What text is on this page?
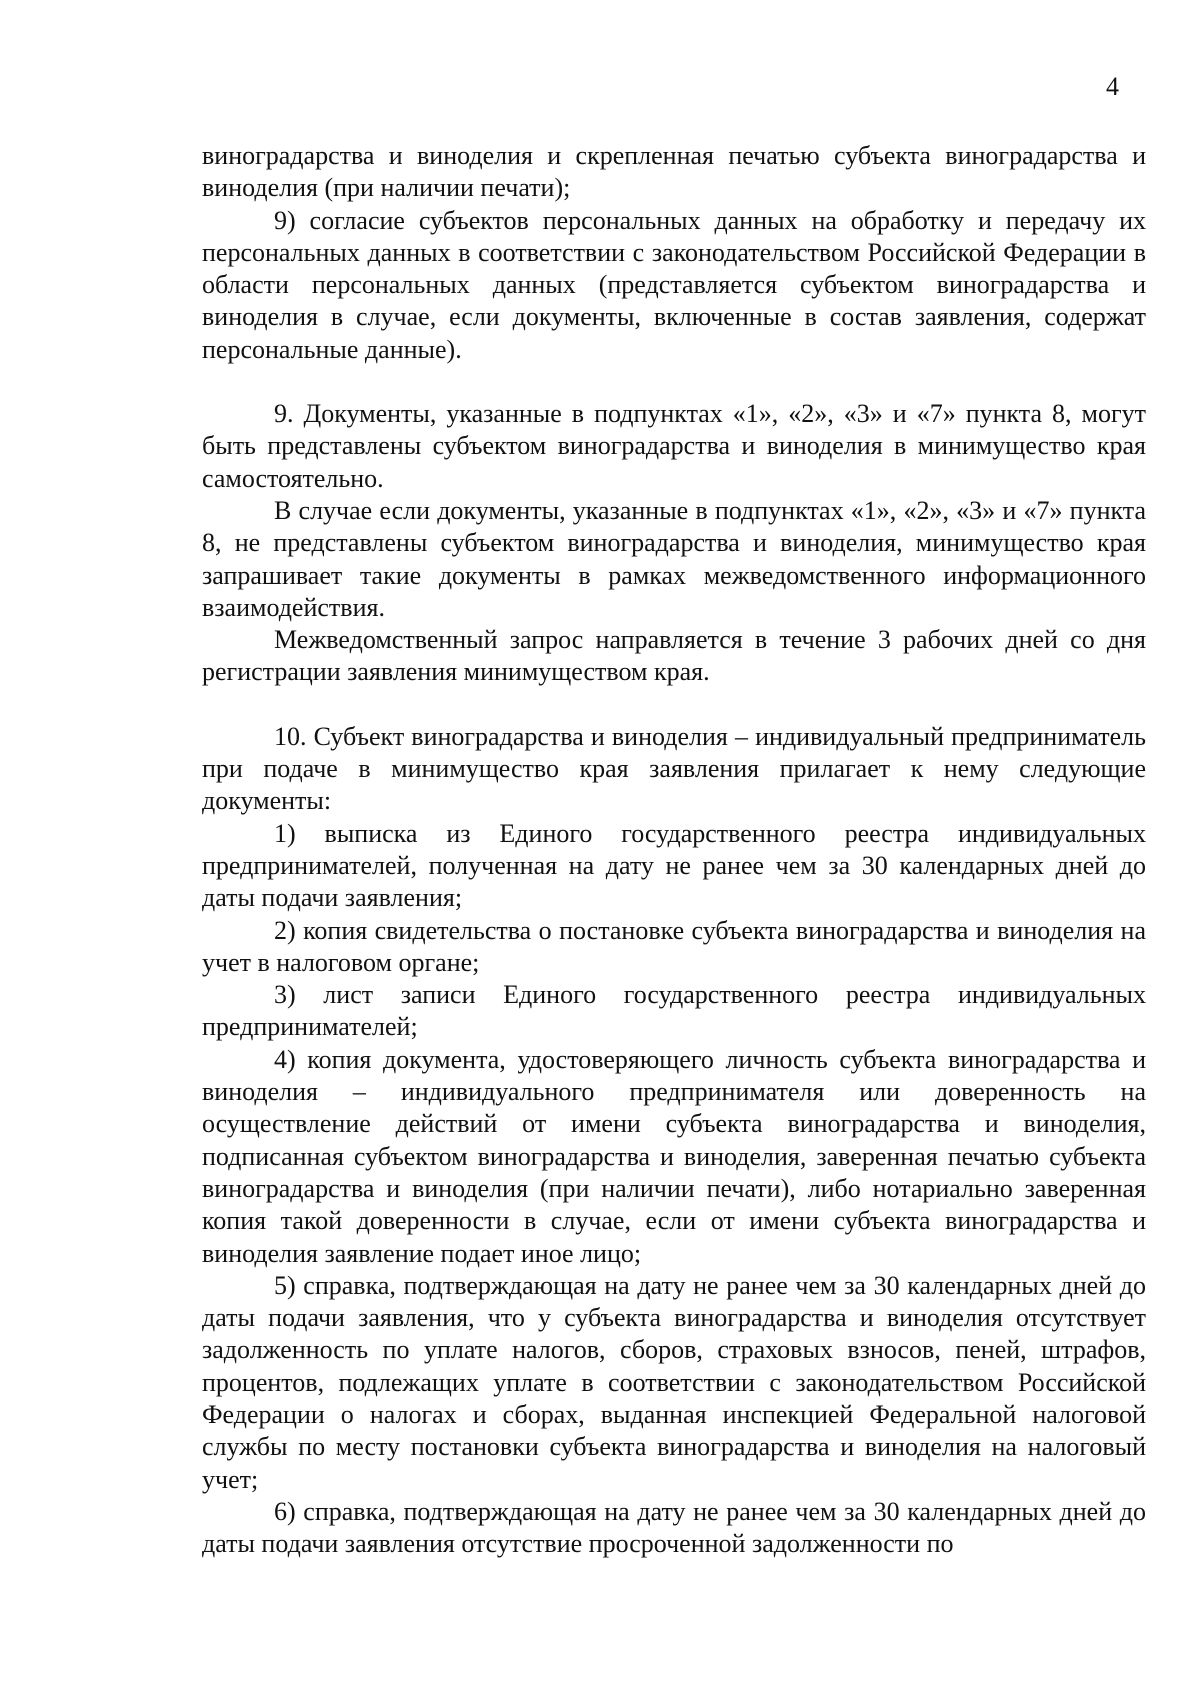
4

виноградарства и виноделия и скрепленная печатью субъекта виноградарства и виноделия (при наличии печати);

9) согласие субъектов персональных данных на обработку и передачу их персональных данных в соответствии с законодательством Российской Федерации в области персональных данных (представляется субъектом виноградарства и виноделия в случае, если документы, включенные в состав заявления, содержат персональные данные).

9. Документы, указанные в подпунктах «1», «2», «3» и «7» пункта 8, могут быть представлены субъектом виноградарства и виноделия в минимущество края самостоятельно.

В случае если документы, указанные в подпунктах «1», «2», «3» и «7» пункта 8, не представлены субъектом виноградарства и виноделия, минимущество края запрашивает такие документы в рамках межведомственного информационного взаимодействия.

Межведомственный запрос направляется в течение 3 рабочих дней со дня регистрации заявления минимуществом края.

10. Субъект виноградарства и виноделия – индивидуальный предприниматель при подаче в минимущество края заявления прилагает к нему следующие документы:

1) выписка из Единого государственного реестра индивидуальных предпринимателей, полученная на дату не ранее чем за 30 календарных дней до даты подачи заявления;

2) копия свидетельства о постановке субъекта виноградарства и виноделия на учет в налоговом органе;

3) лист записи Единого государственного реестра индивидуальных предпринимателей;

4) копия документа, удостоверяющего личность субъекта виноградарства и виноделия – индивидуального предпринимателя или доверенность на осуществление действий от имени субъекта виноградарства и виноделия, подписанная субъектом виноградарства и виноделия, заверенная печатью субъекта виноградарства и виноделия (при наличии печати), либо нотариально заверенная копия такой доверенности в случае, если от имени субъекта виноградарства и виноделия заявление подает иное лицо;

5) справка, подтверждающая на дату не ранее чем за 30 календарных дней до даты подачи заявления, что у субъекта виноградарства и виноделия отсутствует задолженность по уплате налогов, сборов, страховых взносов, пеней, штрафов, процентов, подлежащих уплате в соответствии с законодательством Российской Федерации о налогах и сборах, выданная инспекцией Федеральной налоговой службы по месту постановки субъекта виноградарства и виноделия на налоговый учет;

6) справка, подтверждающая на дату не ранее чем за 30 календарных дней до даты подачи заявления отсутствие просроченной задолженности по
